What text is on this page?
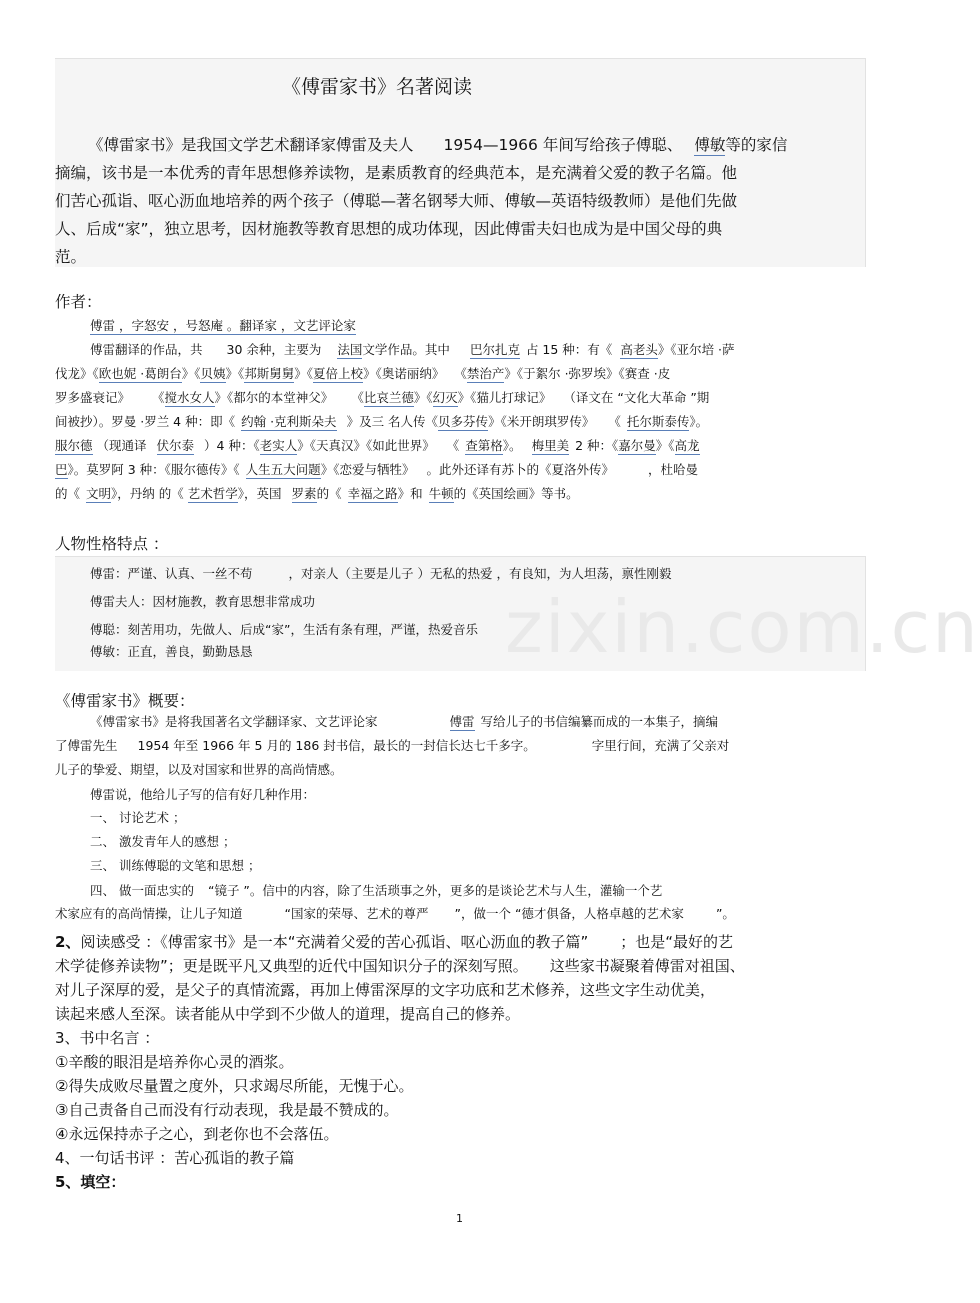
zixin.com.cn
《傅雷家书》名著阅读
《傅雷家书》是我国文学艺术翻译家傅雷及夫人 1954—1966 年间写给孩子傅聪、 傅敏等的家信
摘编，该书是一本优秀的青年思想修养读物，是素质教育的经典范本，是充满着父爱的教子名篇。他
们苦心孤诣、呕心沥血地培养的两个孩子（傅聪—著名钢琴大师、傅敏—英语特级教师）是他们先做
人、后成“家”，独立思考，因材施教等教育思想的成功体现，因此傅雷夫妇也成为是中国父母的典
范。
作者：
傅雷 ，字怒安 ，号怒庵 。翻译家 ，文艺评论家
傅雷翻译的作品，共 30 余种，主要为 法国文学作品。其中 巴尔扎克 占 15 种：有《 高老头》《亚尔培 ·萨
伐龙》《欧也妮 ·葛朗台》《贝姨》《邦斯舅舅》《夏倍上校》《奥诺丽纳》 《禁治产》《于絮尔 ·弥罗埃》《赛查 ·皮
罗多盛衰记》 《搅水女人》《都尔的本堂神父》 《比哀兰德》《幻灭》《猫儿打球记》 （译文在 “文化大革命 ”期
间被抄）。罗曼 ·罗兰 4 种：即《 约翰 ·克利斯朵夫 》及三 名人传《贝多芬传》《米开朗琪罗传》 《 托尔斯泰传》。
服尔德 （现通译 伏尔泰 ）4 种：《老实人》《天真汉》《如此世界》 《 查第格》。 梅里美 2 种：《嘉尔曼》《高龙
巴》。莫罗阿 3 种：《服尔德传》《 人生五大问题》《恋爱与牺牲》 。此外还译有苏卜的《夏洛外传》	，杜哈曼
的《 文明》，丹纳 的《 艺术哲学》，英国 罗素的《 幸福之路》和 牛顿的《英国绘画》等书。
人物性格特点 ：
傅雷：严谨、认真、一丝不苟	，对亲人（主要是儿子 ）无私的热爱 ，有良知，为人坦荡，禀性刚毅
傅雷夫人：因材施教，教育思想非常成功
傅聪：刻苦用功，先做人、后成“家”，生活有条有理，严谨，热爱音乐
傅敏：正直，善良，勤勤恳恳
《傅雷家书》概要：
《傅雷家书》是将我国著名文学翻译家、文艺评论家	傅雷 写给儿子的书信编纂而成的一本集子，摘编
了傅雷先生 1954 年至 1966 年 5 月的 186 封书信，最长的一封信长达七千多字。	字里行间，充满了父亲对
儿子的挚爱、期望，以及对国家和世界的高尚情感。
傅雷说，他给儿子写的信有好几种作用：
一、 讨论艺术 ；
二、 激发青年人的感想 ；
三、 训练傅聪的文笔和思想 ；
四、 做一面忠实的 “镜子 ”。信中的内容，除了生活琐事之外，更多的是谈论艺术与人生，灌输一个艺
术家应有的高尚情操，让儿子知道	“国家的荣辱、艺术的尊严 ”，做一个 “德才俱备，人格卓越的艺术家	”。
2、阅读感受 ：《傅雷家书》是一本“充满着父爱的苦心孤诣、呕心沥血的教子篇” ；也是“最好的艺
术学徒修养读物”；更是既平凡又典型的近代中国知识分子的深刻写照。 这些家书凝聚着傅雷对祖国、
对儿子深厚的爱，是父子的真情流露，再加上傅雷深厚的文字功底和艺术修养，这些文字生动优美，
读起来感人至深。读者能从中学到不少做人的道理，提高自己的修养。
3、书中名言 ：
①辛酸的眼泪是培养你心灵的酒浆。
②得失成败尽量置之度外，只求竭尽所能，无愧于心。
③自己责备自己而没有行动表现，我是最不赞成的。
④永远保持赤子之心，到老你也不会落伍。
4、一句话书评 ：苦心孤诣的教子篇
5、填空：
1
